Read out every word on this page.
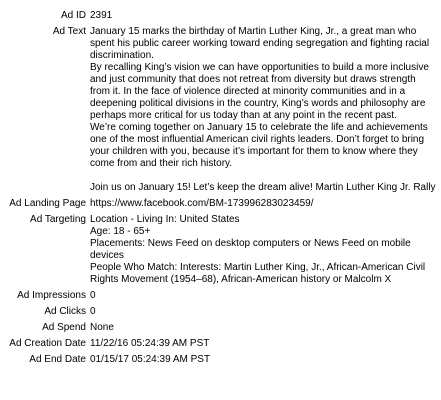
Ad ID 2391
Ad Text January 15 marks the birthday of Martin Luther King, Jr., a great man who spent his public career working toward ending segregation and fighting racial discrimination.

By recalling King’s vision we can have opportunities to build a more inclusive and just community that does not retreat from diversity but draws strength from it. In the face of violence directed at minority communities and in a deepening political divisions in the country, King’s words and philosophy are perhaps more critical for us today than at any point in the recent past.

We’re coming together on January 15 to celebrate the life and achievements one of the most influential American civil rights leaders. Don’t forget to bring your children with you, because it’s important for them to know where they come from and their rich history.

Join us on January 15! Let’s keep the dream alive! Martin Luther King Jr. Rally

Ad Landing Page https://www.facebook.com/BM-173996283023459/
Ad Targeting Location - Living In: United States

Age: 18 - 65+

Placements: News Feed on desktop computers or News Feed on mobile devices

People Who Match: Interests: Martin Luther King, Jr., African-American Civil Rights Movement (1954–68), African-American history or Malcolm X

Ad Impressions 0
Ad Clicks 0
Ad Spend None
Ad Creation Date 11/22/16 05:24:39 AM PST
Ad End Date 01/15/17 05:24:39 AM PST
